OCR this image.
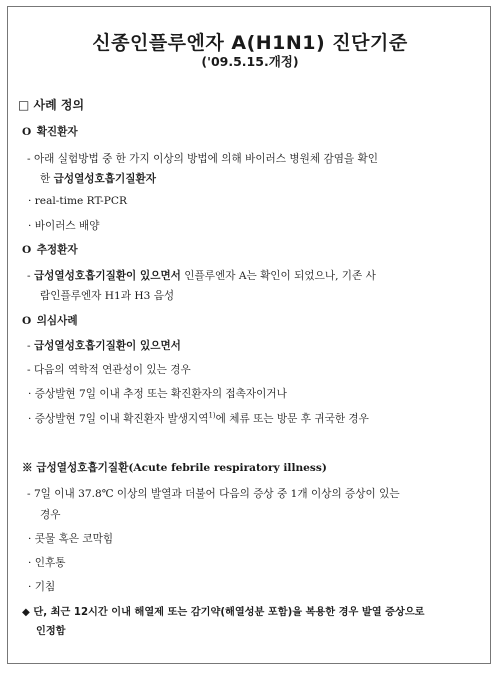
신종인플루엔자 A(H1N1) 진단기준
('09.5.15.개정)
□ 사례 정의
O 확진환자
- 아래 실험방법 중 한 가지 이상의 방법에 의해 바이러스 병원체 감염을 확인
한 급성열성호흡기질환자
· real-time RT-PCR
· 바이러스 배양
O 추정환자
- 급성열성호흡기질환이 있으면서 인플루엔자 A는 확인이 되었으나, 기존 사
람인플루엔자 H1과 H3 음성
O 의심사례
- 급성열성호흡기질환이 있으면서
- 다음의 역학적 연관성이 있는 경우
· 증상발현 7일 이내 추정 또는 확진환자의 접촉자이거나
· 증상발현 7일 이내 확진환자 발생지역$^{1)}$에 체류 또는 방문 후 귀국한 경우
※ 급성열성호흡기질환(Acute febrile respiratory illness)
- 7일 이내 37.8℃ 이상의 발열과 더불어 다음의 증상 중 1개 이상의 증상이 있는
경우
· 콧물 혹은 코막힘
· 인후통
· 기침
◆ 단, 최근 12시간 이내 해열제 또는 감기약(해열성분 포함)을 복용한 경우 발열 증상으로
인정함
